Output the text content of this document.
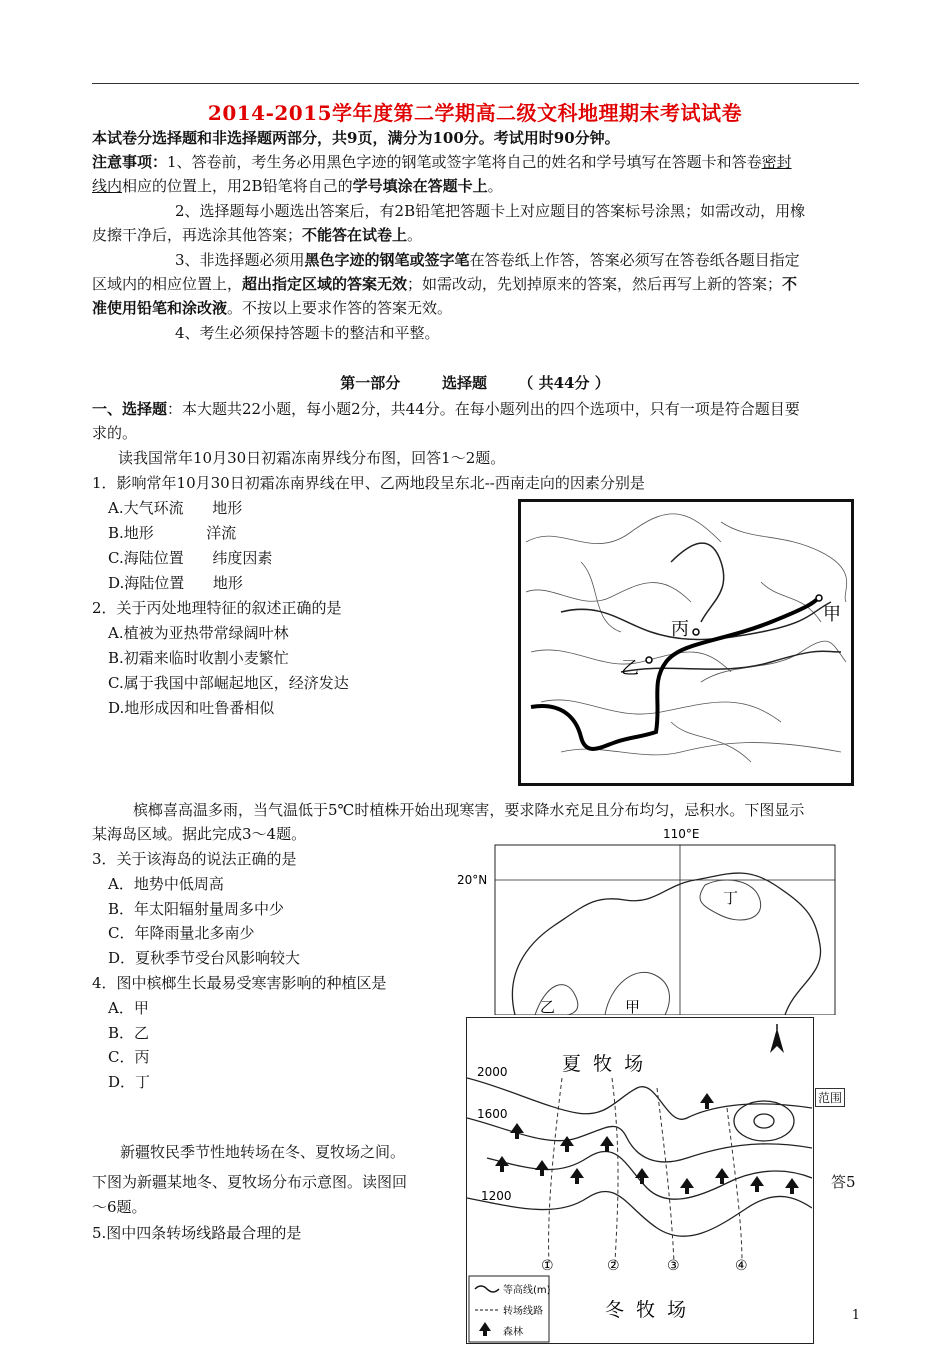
2014-2015学年度第二学期高二级文科地理期末考试试卷
本试卷分选择题和非选择题两部分，共9页，满分为100分。考试用时90分钟。
注意事项：1、答卷前，考生务必用黑色字迹的钢笔或签字笔将自己的姓名和学号填写在答题卡和答卷密封
线内相应的位置上，用2B铅笔将自己的学号填涂在答题卡上。
2、选择题每小题选出答案后，有2B铅笔把答题卡上对应题目的答案标号涂黑；如需改动，用橡
皮擦干净后，再选涂其他答案；不能答在试卷上。
3、非选择题必须用黑色字迹的钢笔或签字笔在答卷纸上作答，答案必须写在答卷纸各题目指定
区域内的相应位置上，超出指定区域的答案无效；如需改动，先划掉原来的答案，然后再写上新的答案；不
准使用铅笔和涂改液。不按以上要求作答的答案无效。
4、考生必须保持答题卡的整洁和平整。
第一部分        选择题      （ 共44分 ）
一、选择题：本大题共22小题，每小题2分，共44分。在每小题列出的四个选项中，只有一项是符合题目要
求的。
读我国常年10月30日初霜冻南界线分布图，回答1～2题。
1．影响常年10月30日初霜冻南界线在甲、乙两地段呈东北--西南走向的因素分别是
A.大气环流      地形
B.地形           洋流
C.海陆位置      纬度因素
D.海陆位置      地形
2．关于丙处地理特征的叙述正确的是
A.植被为亚热带常绿阔叶林
B.初霜来临时收割小麦繁忙
C.属于我国中部崛起地区，经济发达
D.地形成因和吐鲁番相似
丙
乙
甲
槟榔喜高温多雨，当气温低于5℃时植株开始出现寒害，要求降水充足且分布均匀，忌积水。下图显示
某海岛区域。据此完成3～4题。
3．关于该海岛的说法正确的是
A．地势中低周高
B．年太阳辐射量周多中少
C．年降雨量北多南少
D．夏秋季节受台风影响较大
4．图中槟榔生长最易受寒害影响的种植区是
A．甲
B．乙
C．丙
D．丁
110°E
20°N
丁
乙	甲
范围
夏  牧  场
冬  牧  场
2000
1600
1200
①	②	③	④
等高线(m)
转场线路
森林
新疆牧民季节性地转场在冬、夏牧场之间。
下图为新疆某地冬、夏牧场分布示意图。读图回	答5
～6题。
5.图中四条转场线路最合理的是
1
